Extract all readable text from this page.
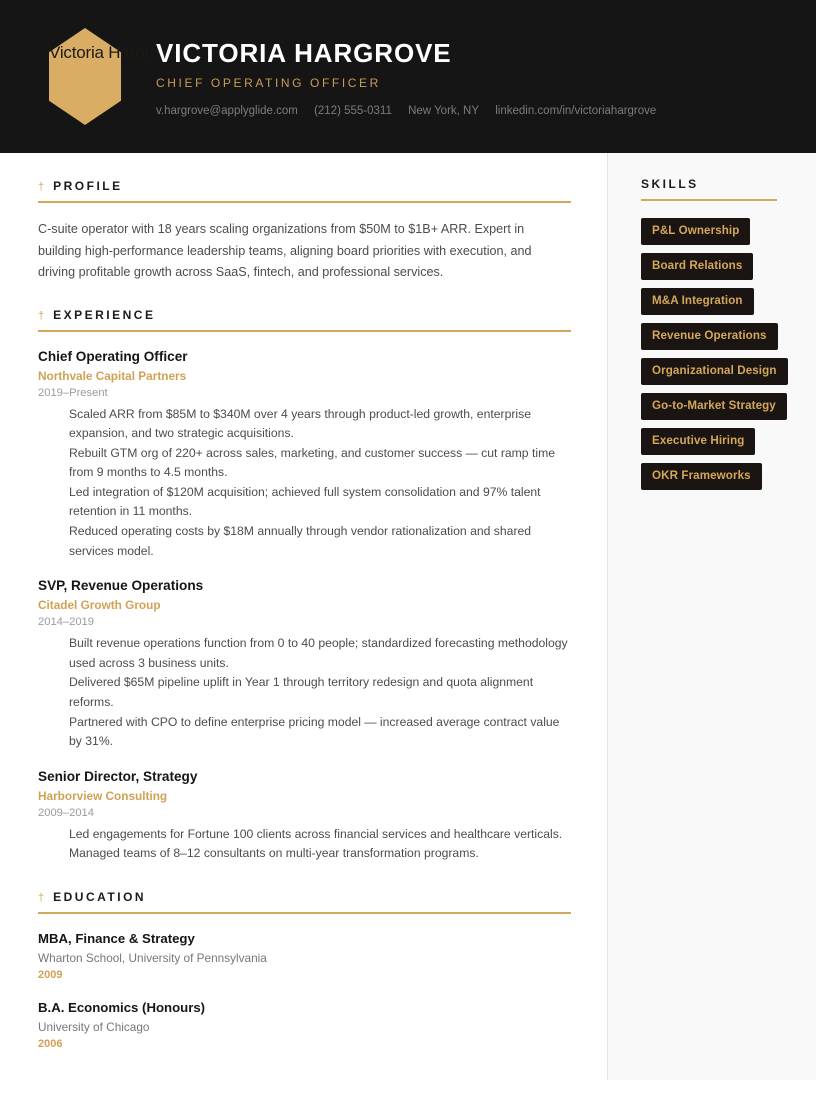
Victoria Hargrove
VICTORIA HARGROVE
CHIEF OPERATING OFFICER
v.hargrove@applyglide.com (212) 555-0311 New York, NY linkedin.com/in/victoriahargrove
† PROFILE

C-suite operator with 18 years scaling organizations from $50M to $1B+ ARR. Expert in building high-performance leadership teams, aligning board priorities with execution, and driving profitable growth across SaaS, fintech, and professional services.

† EXPERIENCE
Chief Operating Officer
Northvale Capital Partners
2019–Present
Scaled ARR from $85M to $340M over 4 years through product-led growth, enterprise expansion, and two strategic acquisitions.
Rebuilt GTM org of 220+ across sales, marketing, and customer success — cut ramp time from 9 months to 4.5 months.
Led integration of $120M acquisition; achieved full system consolidation and 97% talent retention in 11 months.
Reduced operating costs by $18M annually through vendor rationalization and shared services model.
SVP, Revenue Operations
Citadel Growth Group
2014–2019
Built revenue operations function from 0 to 40 people; standardized forecasting methodology used across 3 business units.
Delivered $65M pipeline uplift in Year 1 through territory redesign and quota alignment reforms.
Partnered with CPO to define enterprise pricing model — increased average contract value by 31%.
Senior Director, Strategy
Harborview Consulting
2009–2014
Led engagements for Fortune 100 clients across financial services and healthcare verticals.
Managed teams of 8–12 consultants on multi-year transformation programs.
† EDUCATION
MBA, Finance & Strategy
Wharton School, University of Pennsylvania
2009
B.A. Economics (Honours)
University of Chicago
2006
SKILLS
P&L Ownership
Board Relations
M&A Integration
Revenue Operations
Organizational Design
Go-to-Market Strategy
Executive Hiring
OKR Frameworks
